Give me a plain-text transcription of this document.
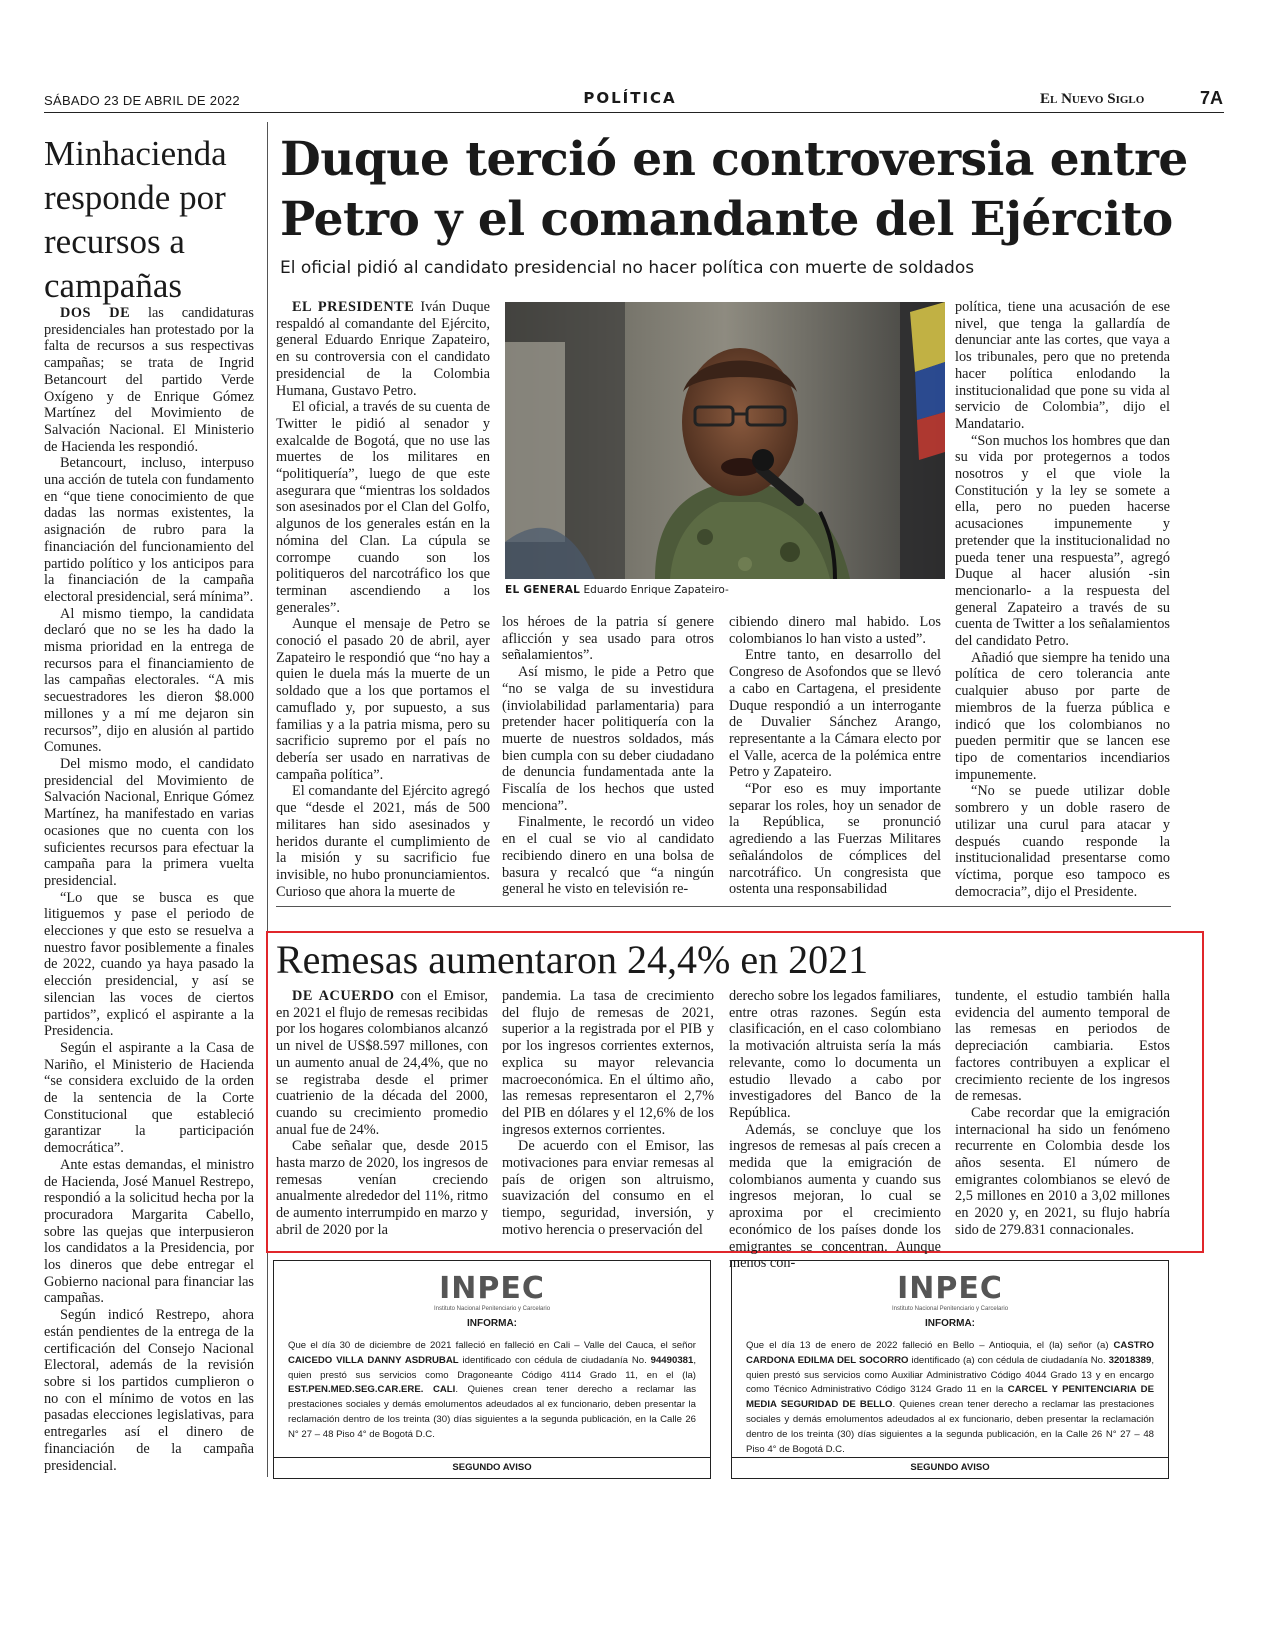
SÁBADO 23 DE ABRIL DE 2022	POLÍTICA	El Nuevo Siglo	7A
Minhacienda responde por recursos a campañas

DOS DE las candidaturas presidenciales han protestado por la falta de recursos a sus respectivas campañas; se trata de Ingrid Betancourt del partido Verde Oxígeno y de Enrique Gómez Martínez del Movimiento de Salvación Nacional. El Ministerio de Hacienda les respondió.

Betancourt, incluso, interpuso una acción de tutela con fundamento en “que tiene conocimiento de que dadas las normas existentes, la asignación de rubro para la financiación del funcionamiento del partido político y los anticipos para la financiación de la campaña electoral presidencial, será mínima”.

Al mismo tiempo, la candidata declaró que no se les ha dado la misma prioridad en la entrega de recursos para el financiamiento de las campañas electorales. “A mis secuestradores les dieron $8.000 millones y a mí me dejaron sin recursos”, dijo en alusión al partido Comunes.

Del mismo modo, el candidato presidencial del Movimiento de Salvación Nacional, Enrique Gómez Martínez, ha manifestado en varias ocasiones que no cuenta con los suficientes recursos para efectuar la campaña para la primera vuelta presidencial.

“Lo que se busca es que litiguemos y pase el periodo de elecciones y que esto se resuelva a nuestro favor posiblemente a finales de 2022, cuando ya haya pasado la elección presidencial, y así se silencian las voces de ciertos partidos”, explicó el aspirante a la Presidencia.

Según el aspirante a la Casa de Nariño, el Ministerio de Hacienda “se considera excluido de la orden de la sentencia de la Corte Constitucional que estableció garantizar la participación democrática”.

Ante estas demandas, el ministro de Hacienda, José Manuel Restrepo, respondió a la solicitud hecha por la procuradora Margarita Cabello, sobre las quejas que interpusieron los candidatos a la Presidencia, por los dineros que debe entregar el Gobierno nacional para financiar las campañas.

Según indicó Restrepo, ahora están pendientes de la entrega de la certificación del Consejo Nacional Electoral, además de la revisión sobre si los partidos cumplieron o no con el mínimo de votos en las pasadas elecciones legislativas, para entregarles así el dinero de financiación de la campaña presidencial.

Duque terció en controversia entre Petro y el comandante del Ejército
El oficial pidió al candidato presidencial no hacer política con muerte de soldados

EL PRESIDENTE Iván Duque respaldó al comandante del Ejército, general Eduardo Enrique Zapateiro, en su controversia con el candidato presidencial de la Colombia Humana, Gustavo Petro.

El oficial, a través de su cuenta de Twitter le pidió al senador y exalcalde de Bogotá, que no use las muertes de los militares en “politiquería”, luego de que este asegurara que “mientras los soldados son asesinados por el Clan del Golfo, algunos de los generales están en la nómina del Clan. La cúpula se corrompe cuando son los politiqueros del narcotráfico los que terminan ascendiendo a los generales”.

Aunque el mensaje de Petro se conoció el pasado 20 de abril, ayer Zapateiro le respondió que “no hay a quien le duela más la muerte de un soldado que a los que portamos el camuflado y, por supuesto, a sus familias y a la patria misma, pero su sacrificio supremo por el país no debería ser usado en narrativas de campaña política”.

El comandante del Ejército agregó que “desde el 2021, más de 500 militares han sido asesinados y heridos durante el cumplimiento de la misión y su sacrificio fue invisible, no hubo pronunciamientos. Curioso que ahora la muerte de

los héroes de la patria sí genere aflicción y sea usado para otros señalamientos”.

Así mismo, le pide a Petro que “no se valga de su investidura (inviolabilidad parlamentaria) para pretender hacer politiquería con la muerte de nuestros soldados, más bien cumpla con su deber ciudadano de denuncia fundamentada ante la Fiscalía de los hechos que usted menciona”.

Finalmente, le recordó un video en el cual se vio al candidato recibiendo dinero en una bolsa de basura y recalcó que “a ningún general he visto en televisión re-

cibiendo dinero mal habido. Los colombianos lo han visto a usted”.

Entre tanto, en desarrollo del Congreso de Asofondos que se llevó a cabo en Cartagena, el presidente Duque respondió a un interrogante de Duvalier Sánchez Arango, representante a la Cámara electo por el Valle, acerca de la polémica entre Petro y Zapateiro.

“Por eso es muy importante separar los roles, hoy un senador de la República, se pronunció agrediendo a las Fuerzas Militares señalándolos de cómplices del narcotráfico. Un congresista que ostenta una responsabilidad

política, tiene una acusación de ese nivel, que tenga la gallardía de denunciar ante las cortes, que vaya a los tribunales, pero que no pretenda hacer política enlodando la institucionalidad que pone su vida al servicio de Colombia”, dijo el Mandatario.

“Son muchos los hombres que dan su vida por protegernos a todos nosotros y el que viole la Constitución y la ley se somete a ella, pero no pueden hacerse acusaciones impunemente y pretender que la institucionalidad no pueda tener una respuesta”, agregó Duque al hacer alusión -sin mencionarlo- a la respuesta del general Zapateiro a través de su cuenta de Twitter a los señalamientos del candidato Petro.

Añadió que siempre ha tenido una política de cero tolerancia ante cualquier abuso por parte de miembros de la fuerza pública e indicó que los colombianos no pueden permitir que se lancen ese tipo de comentarios incendiarios impunemente.

“No se puede utilizar doble sombrero y un doble rasero de utilizar una curul para atacar y después cuando responde la institucionalidad presentarse como víctima, porque eso tampoco es democracia”, dijo el Presidente.

EL GENERAL Eduardo Enrique Zapateiro-
Remesas aumentaron 24,4% en 2021

DE ACUERDO con el Emisor, en 2021 el flujo de remesas recibidas por los hogares colombianos alcanzó un nivel de US$8.597 millones, con un aumento anual de 24,4%, que no se registraba desde el primer cuatrienio de la década del 2000, cuando su crecimiento promedio anual fue de 24%.

Cabe señalar que, desde 2015 hasta marzo de 2020, los ingresos de remesas venían creciendo anualmente alrededor del 11%, ritmo de aumento interrumpido en marzo y abril de 2020 por la

pandemia. La tasa de crecimiento del flujo de remesas de 2021, superior a la registrada por el PIB y por los ingresos corrientes externos, explica su mayor relevancia macroeconómica. En el último año, las remesas representaron el 2,7% del PIB en dólares y el 12,6% de los ingresos externos corrientes.

De acuerdo con el Emisor, las motivaciones para enviar remesas al país de origen son altruismo, suavización del consumo en el tiempo, seguridad, inversión, y motivo herencia o preservación del

derecho sobre los legados familiares, entre otras razones. Según esta clasificación, en el caso colombiano la motivación altruista sería la más relevante, como lo documenta un estudio llevado a cabo por investigadores del Banco de la República.

Además, se concluye que los ingresos de remesas al país crecen a medida que la emigración de colombianos aumenta y cuando sus ingresos mejoran, lo cual se aproxima por el crecimiento económico de los países donde los emigrantes se concentran. Aunque menos con-

tundente, el estudio también halla evidencia del aumento temporal de las remesas en periodos de depreciación cambiaria. Estos factores contribuyen a explicar el crecimiento reciente de los ingresos de remesas.

Cabe recordar que la emigración internacional ha sido un fenómeno recurrente en Colombia desde los años sesenta. El número de emigrantes colombianos se elevó de 2,5 millones en 2010 a 3,02 millones en 2020 y, en 2021, su flujo habría sido de 279.831 connacionales.

INPEC
Instituto Nacional Penitenciario y Carcelario
INFORMA:
Que el día 30 de diciembre de 2021 falleció en falleció en Cali – Valle del Cauca, el señor CAICEDO VILLA DANNY ASDRUBAL identificado con cédula de ciudadanía No. 94490381, quien prestó sus servicios como Dragoneante Código 4114 Grado 11, en el (la) EST.PEN.MED.SEG.CAR.ERE. CALI. Quienes crean tener derecho a reclamar las prestaciones sociales y demás emolumentos adeudados al ex funcionario, deben presentar la reclamación dentro de los treinta (30) días siguientes a la segunda publicación, en la Calle 26 N° 27 – 48 Piso 4° de Bogotá D.C.
SEGUNDO AVISO
INPEC
Instituto Nacional Penitenciario y Carcelario
INFORMA:
Que el día 13 de enero de 2022 falleció en Bello – Antioquia, el (la) señor (a) CASTRO CARDONA EDILMA DEL SOCORRO identificado (a) con cédula de ciudadanía No. 32018389, quien prestó sus servicios como Auxiliar Administrativo Código 4044 Grado 13 y en encargo como Técnico Administrativo Código 3124 Grado 11 en la CARCEL Y PENITENCIARIA DE MEDIA SEGURIDAD DE BELLO. Quienes crean tener derecho a reclamar las prestaciones sociales y demás emolumentos adeudados al ex funcionario, deben presentar la reclamación dentro de los treinta (30) días siguientes a la segunda publicación, en la Calle 26 N° 27 – 48 Piso 4° de Bogotá D.C.
SEGUNDO AVISO
